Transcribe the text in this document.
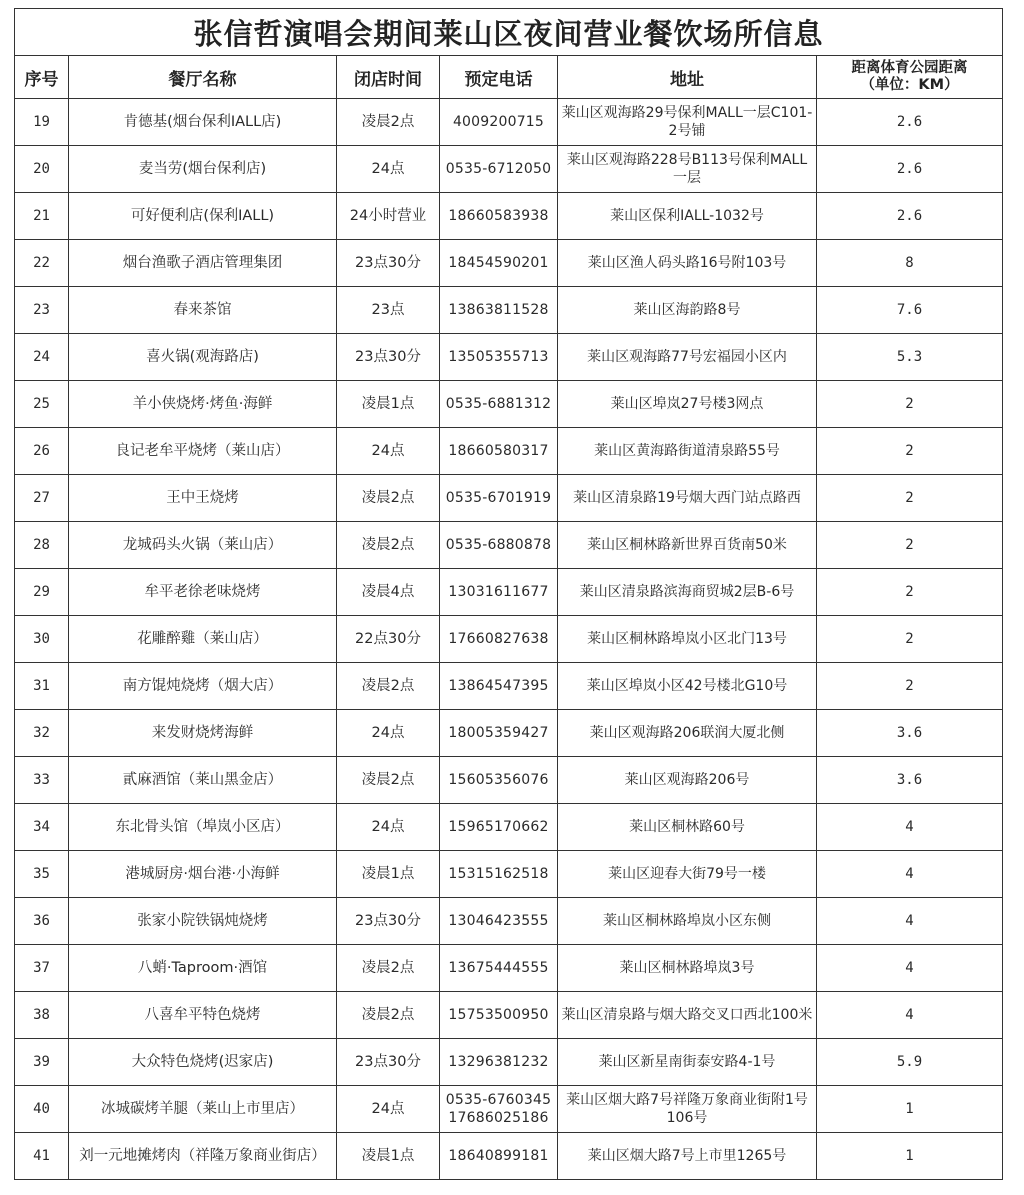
张信哲演唱会期间莱山区夜间营业餐饮场所信息					
序号	餐厅名称	闭店时间	预定电话	地址	距离体育公园距离
（单位：KM）

19	肯德基(烟台保利IALL店)	凌晨2点	4009200715	莱山区观海路29号保利MALL一层C101-2号铺	2.6
20	麦当劳(烟台保利店)	24点	0535-6712050	莱山区观海路228号B113号保利MALL一层	2.6
21	可好便利店(保利IALL)	24小时营业	18660583938	莱山区保利IALL-1032号	2.6
22	烟台渔歌子酒店管理集团	23点30分	18454590201	莱山区渔人码头路16号附103号	8
23	春来茶馆	23点	13863811528	莱山区海韵路8号	7.6
24	喜火锅(观海路店)	23点30分	13505355713	莱山区观海路77号宏福园小区内	5.3
25	羊小侠烧烤·烤鱼·海鲜	凌晨1点	0535-6881312	莱山区埠岚27号楼3网点	2
26	良记老牟平烧烤（莱山店）	24点	18660580317	莱山区黄海路街道清泉路55号	2
27	王中王烧烤	凌晨2点	0535-6701919	莱山区清泉路19号烟大西门站点路西	2
28	龙城码头火锅（莱山店）	凌晨2点	0535-6880878	莱山区桐林路新世界百货南50米	2
29	牟平老徐老味烧烤	凌晨4点	13031611677	莱山区清泉路滨海商贸城2层B-6号	2
30	花雕醉雞（莱山店）	22点30分	17660827638	莱山区桐林路埠岚小区北门13号	2
31	南方馄炖烧烤（烟大店）	凌晨2点	13864547395	莱山区埠岚小区42号楼北G10号	2
32	来发财烧烤海鲜	24点	18005359427	莱山区观海路206联润大厦北侧	3.6
33	貳麻酒馆（莱山黑金店）	凌晨2点	15605356076	莱山区观海路206号	3.6
34	东北骨头馆（埠岚小区店）	24点	15965170662	莱山区桐林路60号	4
35	港城厨房·烟台港·小海鲜	凌晨1点	15315162518	莱山区迎春大街79号一楼	4
36	张家小院铁锅炖烧烤	23点30分	13046423555	莱山区桐林路埠岚小区东侧	4
37	八蛸·Taproom·酒馆	凌晨2点	13675444555	莱山区桐林路埠岚3号	4
38	八喜牟平特色烧烤	凌晨2点	15753500950	莱山区清泉路与烟大路交叉口西北100米	4
39	大众特色烧烤(迟家店)	23点30分	13296381232	莱山区新星南街泰安路4-1号	5.9
40	冰城碳烤羊腿（莱山上市里店）	24点	0535-6760345 17686025186	莱山区烟大路7号祥隆万象商业街附1号106号	1
41	刘一元地摊烤肉（祥隆万象商业街店）	凌晨1点	18640899181	莱山区烟大路7号上市里1265号	1
